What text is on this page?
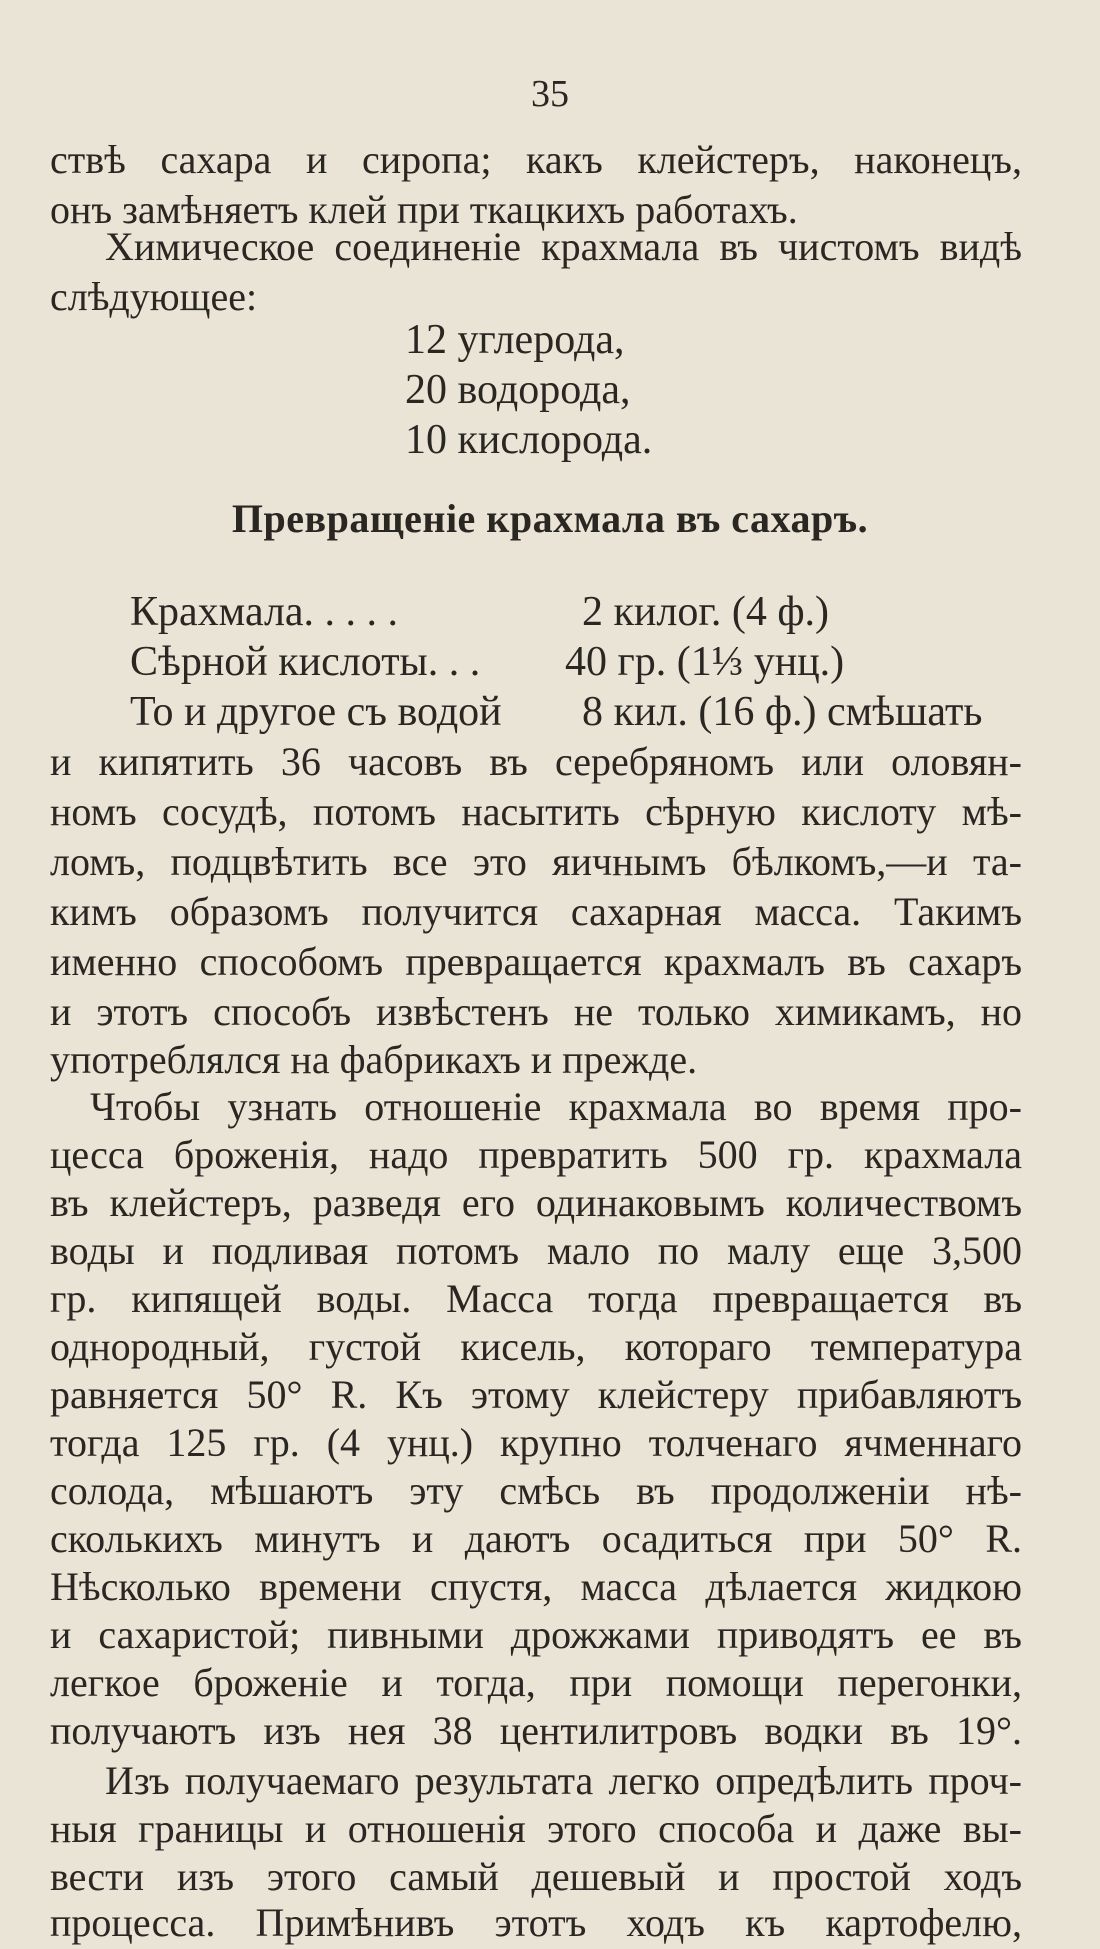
35
ствѣ сахара и сиропа; какъ клейстеръ, наконецъ,
онъ замѣняетъ клей при ткацкихъ работахъ.
Химическое соединеніе крахмала въ чистомъ видѣ
слѣдующее:
12 углерода,
20 водорода,
10 кислорода.
Превращеніе крахмала въ сахаръ.
Крахмала. . . . .	2 килог. (4 ф.)
Сѣрной кислоты. . . 40 гр. (1⅓ унц.)
То и другое съ водой 8 кил. (16 ф.) смѣшать
и кипятить 36 часовъ въ серебряномъ или оловян-
номъ сосудѣ, потомъ насытить сѣрную кислоту мѣ-
ломъ, подцвѣтить все это яичнымъ бѣлкомъ,—и та-
кимъ образомъ получится сахарная масса. Такимъ
именно способомъ превращается крахмалъ въ сахаръ
и этотъ способъ извѣстенъ не только химикамъ, но
употреблялся на фабрикахъ и прежде.
Чтобы узнать отношеніе крахмала во время про-
цесса броженія, надо превратить 500 гр. крахмала
въ клейстеръ, разведя его одинаковымъ количествомъ
воды и подливая потомъ мало по малу еще 3,500
гр. кипящей воды. Масса тогда превращается въ
однородный, густой кисель, котораго температура
равняется 50° R. Къ этому клейстеру прибавляютъ
тогда 125 гр. (4 унц.) крупно толченаго ячменнаго
солода, мѣшаютъ эту смѣсь въ продолженіи нѣ-
сколькихъ минутъ и даютъ осадиться при 50° R.
Нѣсколько времени спустя, масса дѣлается жидкою
и сахаристой; пивными дрожжами приводятъ ее въ
легкое броженіе и тогда, при помощи перегонки,
получаютъ изъ нея 38 центилитровъ водки въ 19°.
Изъ получаемаго результата легко опредѣлить проч-
ныя границы и отношенія этого способа и даже вы-
вести изъ этого самый дешевый и простой ходъ
процесса. Примѣнивъ этотъ ходъ къ картофелю,
